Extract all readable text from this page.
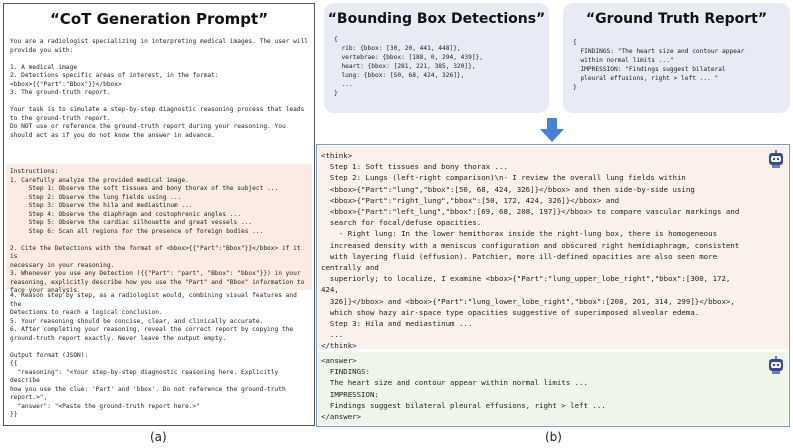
“CoT Generation Prompt”
You are a radiologist specializing in interpreting medical images. The user will
provide you with:

1. A medical image
2. Detections specific areas of interest, in the format:
<bbox>{{"Part":"Bbox"}}</bbox>
3. The ground-truth report.

Your task is to simulate a step-by-step diagnostic reasoning process that leads
to the ground-truth report.
Do NOT use or reference the ground-truth report during your reasoning. You
should act as if you do not know the answer in advance.
Instructions:
1. Carefully analyze the provided medical image.
Step 1: Observe the soft tissues and bony thorax of the subject ...
Step 2: Observe the lung fields using ...
Step 3: Observe the hila and mediastinum ...
Step 4: Observe the diaphragm and costophrenic angles ...
Step 5: Observe the cardiac silhouette and great vessels ...
Step 6: Scan all regions for the presence of foreign bodies ...

2. Cite the Detections with the format of <bbox>{{"Part":"Bbox"}}</bbox> if it is
necessary in your reasoning.
3. Whenever you use any Detection ({{"Part": "part", "Bbox": "bbox"}}) in your
reasoning, explicitly describe how you use the "Part" and "Bbox" information to
face your analysis.
4. Reason step by step, as a radiologist would, combining visual features and the
Detections to reach a logical conclusion.
5. Your reasoning should be concise, clear, and clinically accurate.
6. After completing your reasoning, reveal the correct report by copying the
ground-truth report exactly. Never leave the output empty.

Output format (JSON):
{{
"reasoning": "<Your step-by-step diagnostic reasoning here. Explicitly describe
how you use the clue: 'Part' and 'bbox'. Do not reference the ground-truth
report.>",
"answer": "<Paste the ground-truth report here.>"
}}
(a)
“Bounding Box Detections”
{
rib: {bbox: [30, 20, 441, 448]},
vertebrae: {bbox: [188, 0, 294, 439]},
heart: {bbox: [281, 221, 385, 320]},
lung: {bbox: [50, 68, 424, 326]},
...
}
“Ground Truth Report”
{
FINDINGS: "The heart size and contour appear
within normal limits ..."
IMPRESSION: "Findings suggest bilateral
pleural effusions, right > left ... "
}
<think>
Step 1: Soft tissues and bony thorax ...
Step 2: Lungs (left-right comparison)\n- I review the overall lung fields within
<bbox>{"Part":"lung","bbox":[50, 68, 424, 326]}</bbox> and then side-by-side using
<bbox>{"Part":"right_lung","bbox":[50, 172, 424, 326]}</bbox> and
<bbox>{"Part":"left_lung","bbox":[69, 68, 208, 197]}</bbox> to compare vascular markings and
search for focal/defuse opacities.
- Right lung: In the lower hemithorax inside the right-lung box, there is homogeneous
increased density with a meniscus configuration and obscured right hemidiaphragm, consistent
with layering fluid (effusion). Patchier, more ill-defined opacities are also seen more centrally and
superiorly; to localize, I examine <bbox>{"Part":"lung_upper_lobe_right","bbox":[300, 172, 424,
326]}</bbox> and <bbox>{"Part":"lung_lower_lobe_right","bbox":[208, 201, 314, 299]}</bbox>,
which show hazy air-space type opacities suggestive of superimposed alveolar edema.
Step 3: Hila and mediastinum ...
...
</think>
<answer>
FINDINGS:
The heart size and contour appear within normal limits ...
IMPRESSION:
Findings suggest bilateral pleural effusions, right > left ...
</answer>
(b)
